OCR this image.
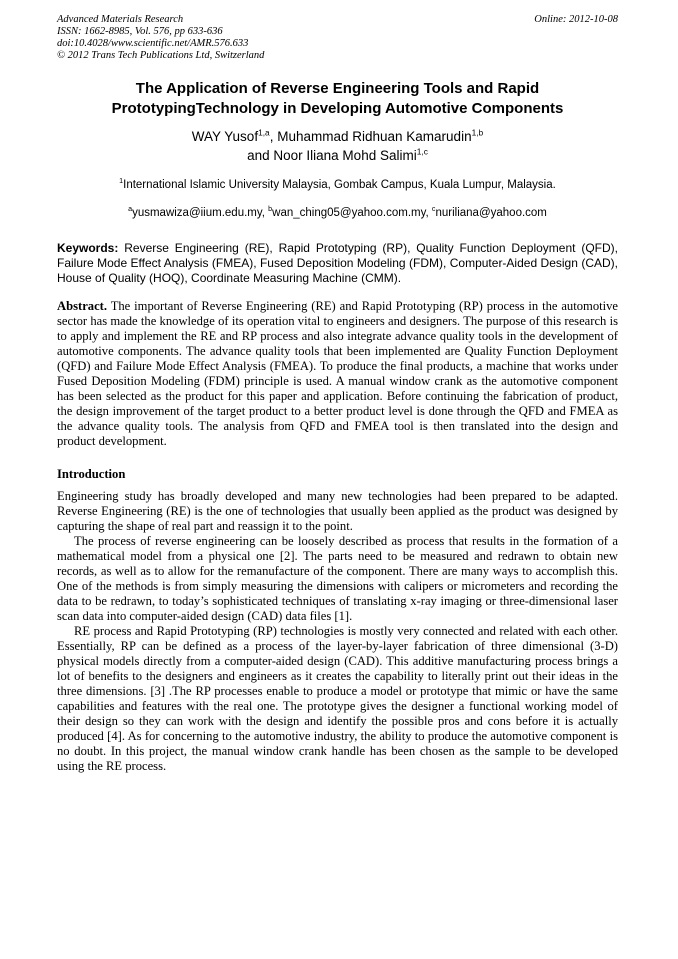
Advanced Materials Research
ISSN: 1662-8985, Vol. 576, pp 633-636
doi:10.4028/www.scientific.net/AMR.576.633
© 2012 Trans Tech Publications Ltd, Switzerland
Online: 2012-10-08
The Application of Reverse Engineering Tools and Rapid
PrototypingTechnology in Developing Automotive Components
WAY Yusof$^{1,a}$, Muhammad Ridhuan Kamarudin$^{1,b}$
and Noor Iliana Mohd Salimi$^{1,c}$
$^1$International Islamic University Malaysia, Gombak Campus, Kuala Lumpur, Malaysia.
$^a$yusmawiza@iium.edu.my, $^b$wan_ching05@yahoo.com.my, $^c$nuriliana@yahoo.com

Keywords: Reverse Engineering (RE), Rapid Prototyping (RP), Quality Function Deployment (QFD), Failure Mode Effect Analysis (FMEA), Fused Deposition Modeling (FDM), Computer-Aided Design (CAD), House of Quality (HOQ), Coordinate Measuring Machine (CMM).

Abstract. The important of Reverse Engineering (RE) and Rapid Prototyping (RP) process in the automotive sector has made the knowledge of its operation vital to engineers and designers. The purpose of this research is to apply and implement the RE and RP process and also integrate advance quality tools in the development of automotive components. The advance quality tools that been implemented are Quality Function Deployment (QFD) and Failure Mode Effect Analysis (FMEA). To produce the final products, a machine that works under Fused Deposition Modeling (FDM) principle is used. A manual window crank as the automotive component has been selected as the product for this paper and application. Before continuing the fabrication of product, the design improvement of the target product to a better product level is done through the QFD and FMEA as the advance quality tools. The analysis from QFD and FMEA tool is then translated into the design and product development.

Introduction

Engineering study has broadly developed and many new technologies had been prepared to be adapted. Reverse Engineering (RE) is the one of technologies that usually been applied as the product was designed by capturing the shape of real part and reassign it to the point.

The process of reverse engineering can be loosely described as process that results in the formation of a mathematical model from a physical one [2]. The parts need to be measured and redrawn to obtain new records, as well as to allow for the remanufacture of the component. There are many ways to accomplish this. One of the methods is from simply measuring the dimensions with calipers or micrometers and recording the data to be redrawn, to today’s sophisticated techniques of translating x-ray imaging or three-dimensional laser scan data into computer-aided design (CAD) data files [1].

RE process and Rapid Prototyping (RP) technologies is mostly very connected and related with each other. Essentially, RP can be defined as a process of the layer-by-layer fabrication of three dimensional (3-D) physical models directly from a computer-aided design (CAD). This additive manufacturing process brings a lot of benefits to the designers and engineers as it creates the capability to literally print out their ideas in the three dimensions. [3] .The RP processes enable to produce a model or prototype that mimic or have the same capabilities and features with the real one. The prototype gives the designer a functional working model of their design so they can work with the design and identify the possible pros and cons before it is actually produced [4]. As for concerning to the automotive industry, the ability to produce the automotive component is no doubt. In this project, the manual window crank handle has been chosen as the sample to be developed using the RE process.
